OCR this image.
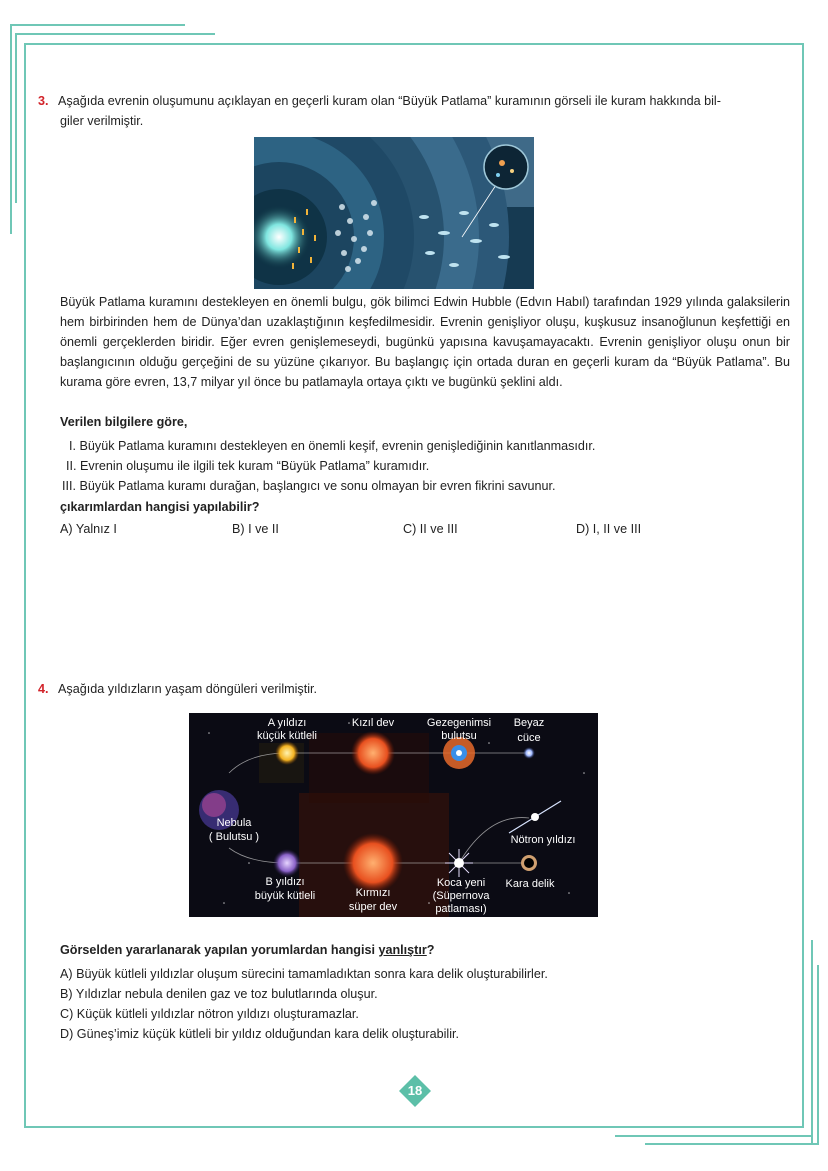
3. Aşağıda evrenin oluşumunu açıklayan en geçerli kuram olan “Büyük Patlama” kuramının görseli ile kuram hakkında bil-
giler verilmiştir.
Büyük Patlama kuramını destekleyen en önemli bulgu, gök bilimci Edwin Hubble (Edvın Habıl) tarafından 1929 yılında galaksilerin hem birbirinden hem de Dünya’dan uzaklaştığının keşfedilmesidir. Evrenin genişliyor oluşu, kuşkusuz insanoğlunun keşfettiği en önemli gerçeklerden biridir. Eğer evren genişlemeseydi, bugünkü yapısına kavuşamayacaktı. Evrenin genişliyor oluşu onun bir başlangıcının olduğu gerçeğini de su yüzüne çıkarıyor. Bu başlangıç için ortada duran en geçerli kuram da “Büyük Patlama”. Bu kurama göre evren, 13,7 milyar yıl önce bu patlamayla ortaya çıktı ve bugünkü şeklini aldı.
Verilen bilgilere göre,
I. Büyük Patlama kuramını destekleyen en önemli keşif, evrenin genişlediğinin kanıtlanmasıdır.
II. Evrenin oluşumu ile ilgili tek kuram “Büyük Patlama” kuramıdır.
III. Büyük Patlama kuramı durağan, başlangıcı ve sonu olmayan bir evren fikrini savunur.
çıkarımlardan hangisi yapılabilir?
A) Yalnız I	B) I ve II	C) II ve III	D) I, II ve III
4. Aşağıda yıldızların yaşam döngüleri verilmiştir.
A yıldızı
küçük kütleli
Kızıl dev	Gezegenimsi
bulutsu
Beyaz
cüce
Nebula
( Bulutsu )	Nötron yıldızı
B yıldızı
büyük kütleli	Kırmızı
süper dev
Koca yeni
(Süpernova
patlaması)
Kara delik
Görselden yararlanarak yapılan yorumlardan hangisi yanlıştır?
A) Büyük kütleli yıldızlar oluşum sürecini tamamladıktan sonra kara delik oluşturabilirler.
B) Yıldızlar nebula denilen gaz ve toz bulutlarında oluşur.
C) Küçük kütleli yıldızlar nötron yıldızı oluşturamazlar.
D) Güneş’imiz küçük kütleli bir yıldız olduğundan kara delik oluşturabilir.
18
